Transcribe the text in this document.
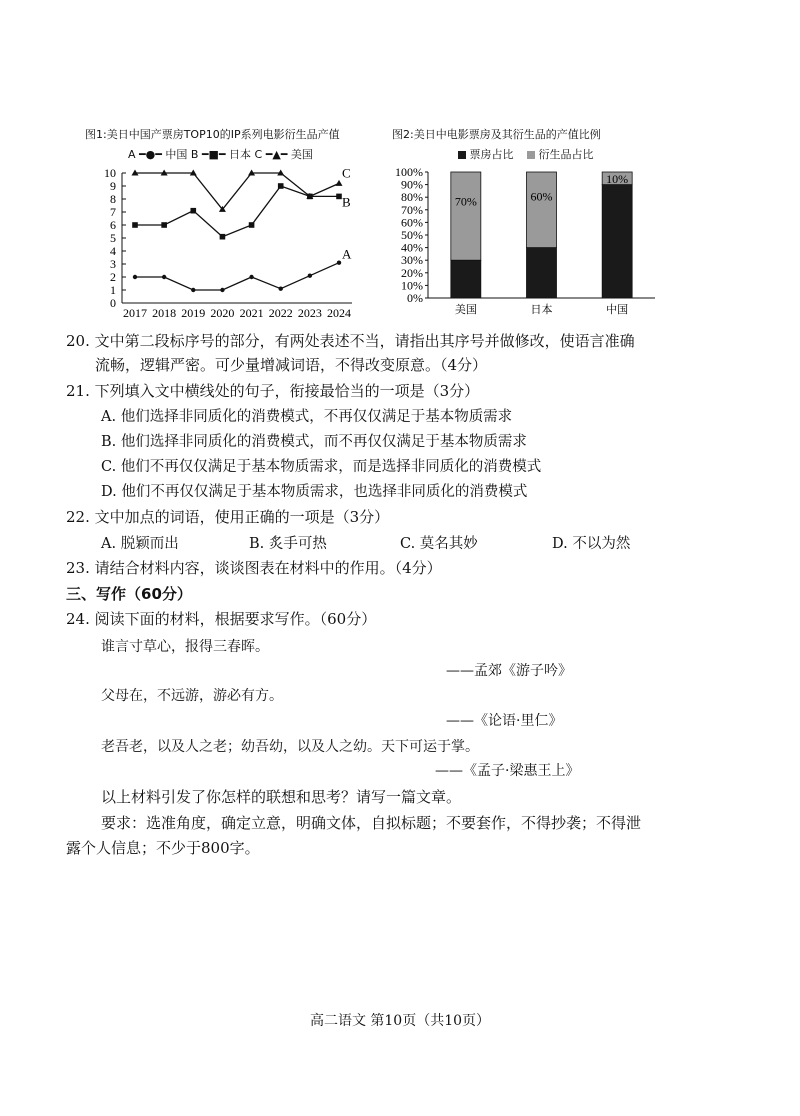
图1:美日中国产票房TOP10的IP系列电影衍生品产值
A ━●━ 中国 B ━■━ 日本 C ━▲━ 美国
0
1
2
3
4
5
6
7
8
9
10
2017 2018 2019 2020 2021 2022 2023 2024
A
B
C
图2:美日中电影票房及其衍生品的产值比例
票房占比 衍生品占比
0%
10%
20%
30%
40%
50%
60%
70%
80%
90%
100%
70%
美国
60%
日本
10%
中国
20. 文中第二段标序号的部分，有两处表述不当，请指出其序号并做修改，使语言准确
流畅，逻辑严密。可少量增减词语，不得改变原意。（4分）
21. 下列填入文中横线处的句子，衔接最恰当的一项是（3分）
A. 他们选择非同质化的消费模式，不再仅仅满足于基本物质需求
B. 他们选择非同质化的消费模式，而不再仅仅满足于基本物质需求
C. 他们不再仅仅满足于基本物质需求，而是选择非同质化的消费模式
D. 他们不再仅仅满足于基本物质需求，也选择非同质化的消费模式
22. 文中加点的词语，使用正确的一项是（3分）
A. 脱颖而出	B. 炙手可热	C. 莫名其妙	D. 不以为然
23. 请结合材料内容，谈谈图表在材料中的作用。（4分）
三、写作（60分）
24. 阅读下面的材料，根据要求写作。（60分）
谁言寸草心，报得三春晖。
——孟郊《游子吟》
父母在，不远游，游必有方。
——《论语·里仁》
老吾老，以及人之老；幼吾幼，以及人之幼。天下可运于掌。
——《孟子·梁惠王上》
以上材料引发了你怎样的联想和思考？请写一篇文章。
要求：选准角度，确定立意，明确文体，自拟标题；不要套作，不得抄袭；不得泄
露个人信息；不少于800字。
高二语文 第10页（共10页）
